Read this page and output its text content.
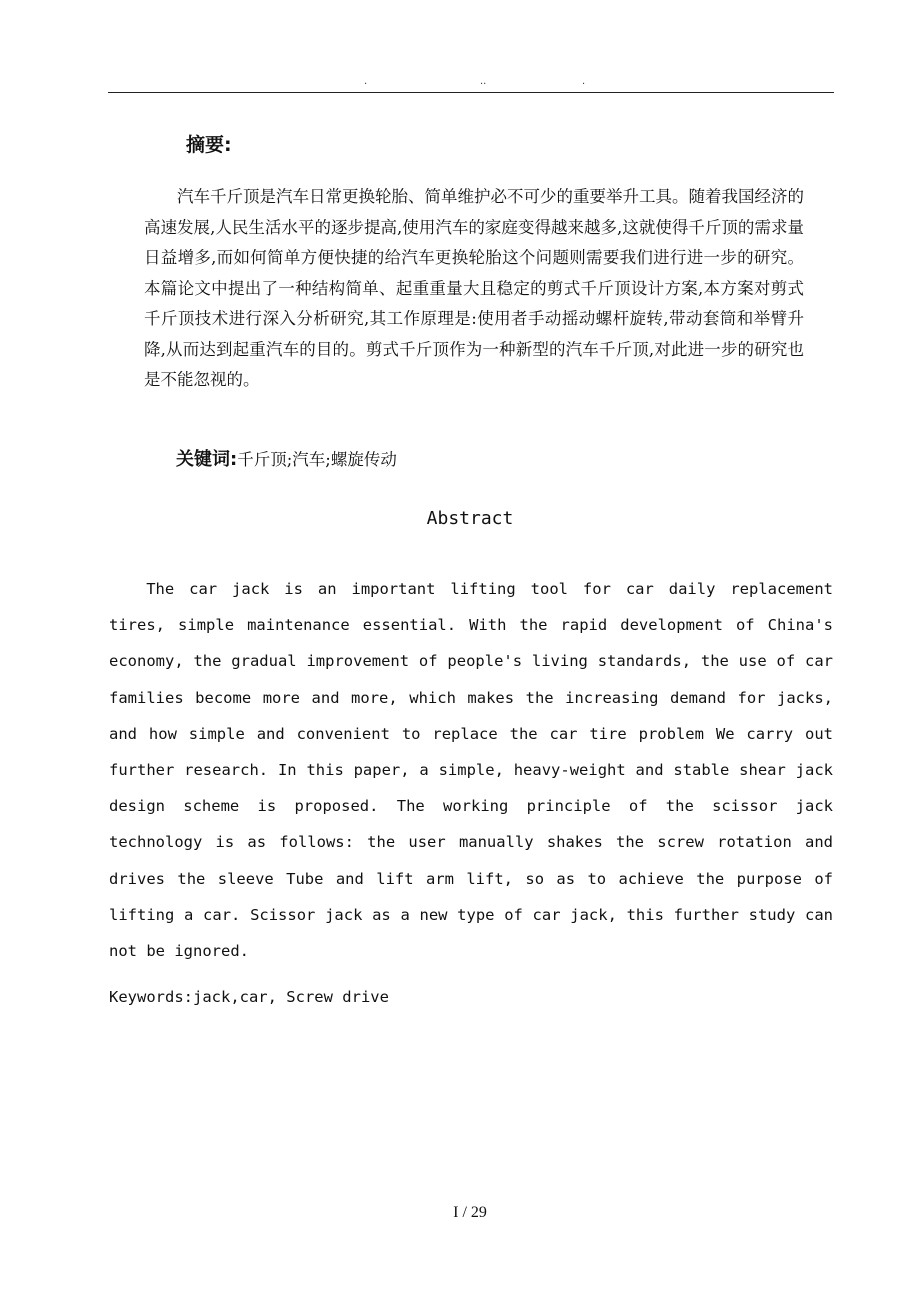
.	..	.
摘要:

汽车千斤顶是汽车日常更换轮胎、简单维护必不可少的重要举升工具。随着我国经济的高速发展,人民生活水平的逐步提高,使用汽车的家庭变得越来越多,这就使得千斤顶的需求量日益增多,而如何简单方便快捷的给汽车更换轮胎这个问题则需要我们进行进一步的研究。本篇论文中提出了一种结构简单、起重重量大且稳定的剪式千斤顶设计方案,本方案对剪式千斤顶技术进行深入分析研究,其工作原理是:使用者手动摇动螺杆旋转,带动套筒和举臂升降,从而达到起重汽车的目的。剪式千斤顶作为一种新型的汽车千斤顶,对此进一步的研究也是不能忽视的。

关键词:千斤顶;汽车;螺旋传动
Abstract

The car jack is an important lifting tool for car daily replacement tires, simple maintenance essential. With the rapid development of China's economy, the gradual improvement of people's living standards, the use of car families become more and more, which makes the increasing demand for jacks, and how simple and convenient to replace the car tire problem We carry out further research. In this paper, a simple, heavy-weight and stable shear jack design scheme is proposed. The working principle of the scissor jack technology is as follows: the user manually shakes the screw rotation and drives the sleeve Tube and lift arm lift, so as to achieve the purpose of lifting a car. Scissor jack as a new type of car jack, this further study can not be ignored.

Keywords:jack,car, Screw drive
I / 29
